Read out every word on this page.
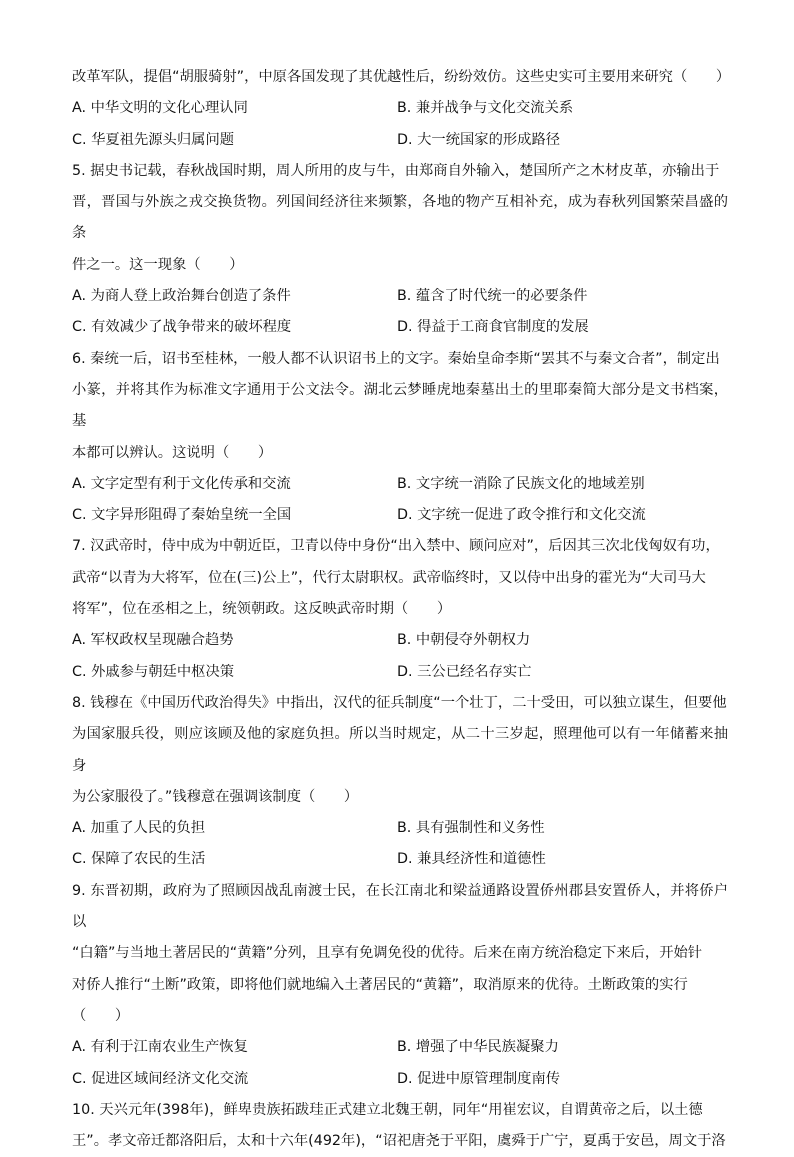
改革军队，提倡“胡服骑射”，中原各国发现了其优越性后，纷纷效仿。这些史实可主要用来研究（　　）

A. 中华文明的文化心理认同	B. 兼并战争与文化交流关系
C. 华夏祖先源头归属问题	D. 大一统国家的形成路径

5. 据史书记载，春秋战国时期，周人所用的皮与牛，由郑商自外输入，楚国所产之木材皮革，亦输出于

晋，晋国与外族之戎交换货物。列国间经济往来频繁，各地的物产互相补充，成为春秋列国繁荣昌盛的条

件之一。这一现象（　　）

A. 为商人登上政治舞台创造了条件	B. 蕴含了时代统一的必要条件
C. 有效减少了战争带来的破坏程度	D. 得益于工商食官制度的发展

6. 秦统一后，诏书至桂林，一般人都不认识诏书上的文字。秦始皇命李斯“罢其不与秦文合者”，制定出

小篆，并将其作为标准文字通用于公文法令。湖北云梦睡虎地秦墓出土的里耶秦简大部分是文书档案，基

本都可以辨认。这说明（　　）

A. 文字定型有利于文化传承和交流	B. 文字统一消除了民族文化的地域差别
C. 文字异形阻碍了秦始皇统一全国	D. 文字统一促进了政令推行和文化交流

7. 汉武帝时，侍中成为中朝近臣，卫青以侍中身份“出入禁中、顾问应对”，后因其三次北伐匈奴有功，

武帝“以青为大将军，位在(三)公上”，代行太尉职权。武帝临终时，又以侍中出身的霍光为“大司马大

将军”，位在丞相之上，统领朝政。这反映武帝时期（　　）

A. 军权政权呈现融合趋势	B. 中朝侵夺外朝权力
C. 外戚参与朝廷中枢决策	D. 三公已经名存实亡

8. 钱穆在《中国历代政治得失》中指出，汉代的征兵制度“一个壮丁，二十受田，可以独立谋生，但要他

为国家服兵役，则应该顾及他的家庭负担。所以当时规定，从二十三岁起，照理他可以有一年储蓄来抽身

为公家服役了。”钱穆意在强调该制度（　　）

A. 加重了人民的负担	B. 具有强制性和义务性
C. 保障了农民的生活	D. 兼具经济性和道德性

9. 东晋初期，政府为了照顾因战乱南渡士民，在长江南北和梁益通路设置侨州郡县安置侨人，并将侨户以

“白籍”与当地土著居民的“黄籍”分列，且享有免调免役的优待。后来在南方统治稳定下来后，开始针

对侨人推行“土断”政策，即将他们就地编入土著居民的“黄籍”，取消原来的优待。土断政策的实行

（　　）

A. 有利于江南农业生产恢复	B. 增强了中华民族凝聚力
C. 促进区域间经济文化交流	D. 促进中原管理制度南传

10. 天兴元年(398年)，鲜卑贵族拓跋珪正式建立北魏王朝，同年“用崔宏议，自谓黄帝之后，以土德

王”。孝文帝迁都洛阳后，太和十六年(492年)，“诏祀唐尧于平阳，虞舜于广宁，夏禹于安邑，周文于洛
